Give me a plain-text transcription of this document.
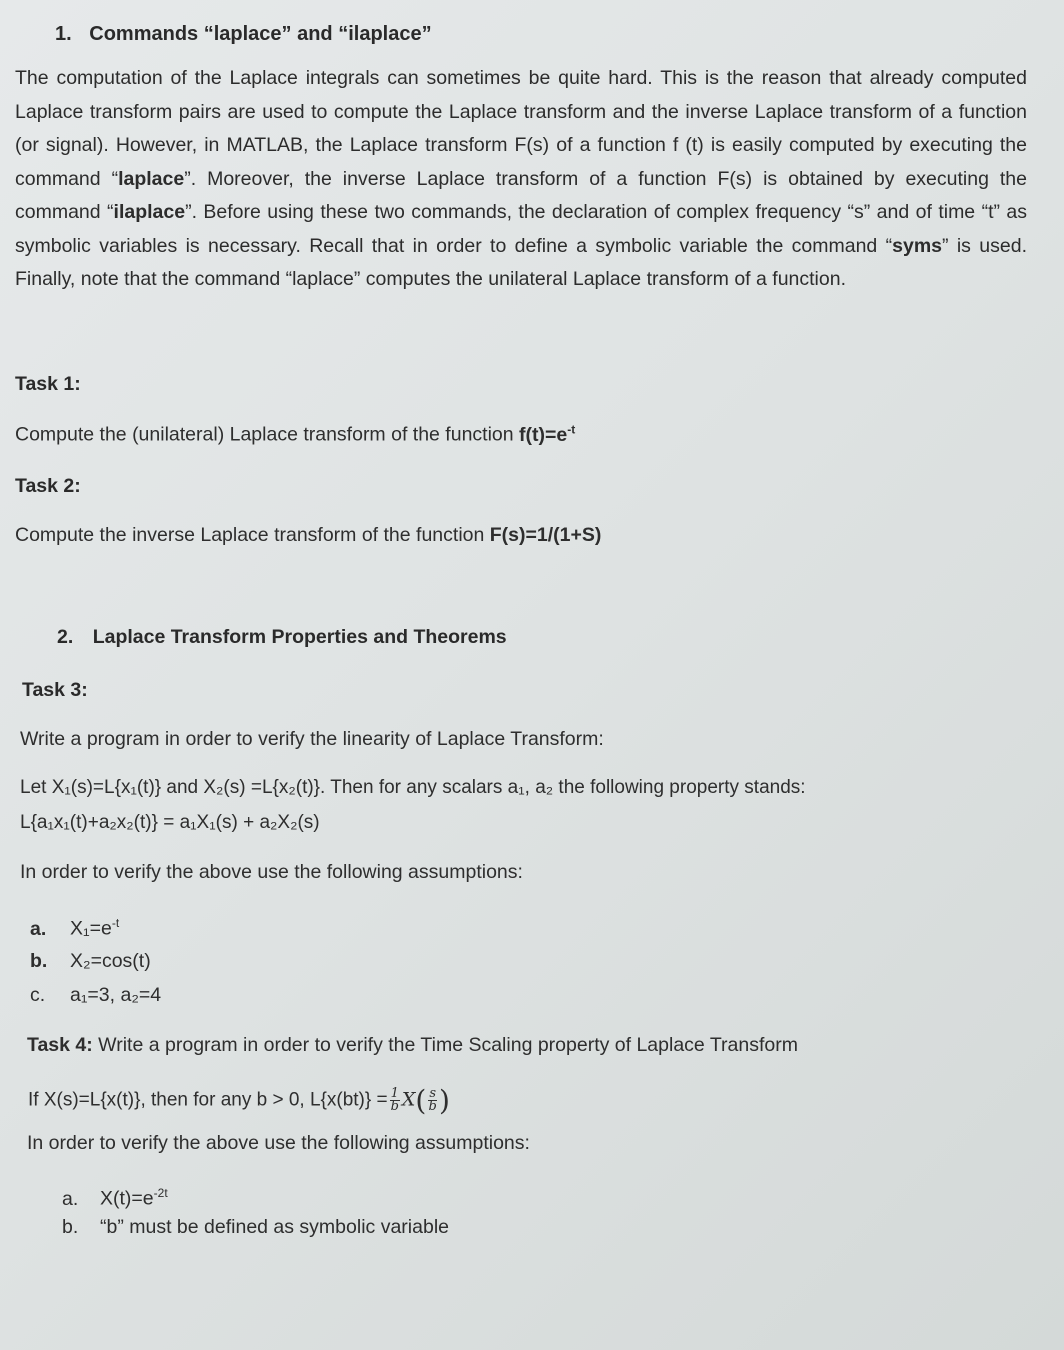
1. Commands “laplace” and “ilaplace”
The computation of the Laplace integrals can sometimes be quite hard. This is the reason that already computed Laplace transform pairs are used to compute the Laplace transform and the inverse Laplace transform of a function (or signal). However, in MATLAB, the Laplace transform F(s) of a function f (t) is easily computed by executing the command “laplace”. Moreover, the inverse Laplace transform of a function F(s) is obtained by executing the command “ilaplace”. Before using these two commands, the declaration of complex frequency “s” and of time “t” as symbolic variables is necessary. Recall that in order to define a symbolic variable the command “syms” is used. Finally, note that the command “laplace” computes the unilateral Laplace transform of a function.
Task 1:
Compute the (unilateral) Laplace transform of the function $f(t)=e^{-t}$
Task 2:
Compute the inverse Laplace transform of the function F(s)=1/(1+S)
2. Laplace Transform Properties and Theorems
Task 3:
Write a program in order to verify the linearity of Laplace Transform:
Let X₁(s)=L{x₁(t)} and X₂(s) =L{x₂(t)}. Then for any scalars a₁, a₂ the following property stands:
L{a₁x₁(t)+a₂x₂(t)} = a₁X₁(s) + a₂X₂(s)
In order to verify the above use the following assumptions:
a. $X_1=e^{-t}$
b. X₂=cos(t)
c. a₁=3, a₂=4
Task 4: Write a program in order to verify the Time Scaling property of Laplace Transform
If X(s)=L{x(t)}, then for any b > 0, $L\{x(bt)\} = \frac{1}{b} X( \frac{s}{b}$ )
In order to verify the above use the following assumptions:
a. $X(t)=e^{-2t}$
b. “b” must be defined as symbolic variable
